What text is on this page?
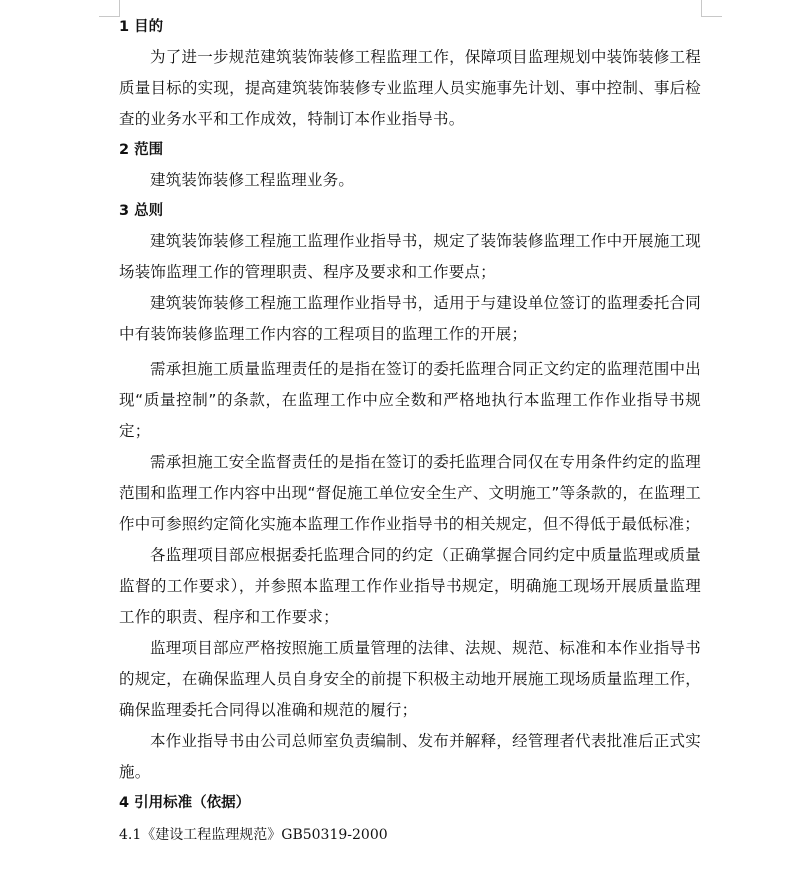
1 目的

为了进一步规范建筑装饰装修工程监理工作，保障项目监理规划中装饰装修工程质量目标的实现，提高建筑装饰装修专业监理人员实施事先计划、事中控制、事后检查的业务水平和工作成效，特制订本作业指导书。

2 范围

建筑装饰装修工程监理业务。

3 总则

建筑装饰装修工程施工监理作业指导书，规定了装饰装修监理工作中开展施工现场装饰监理工作的管理职责、程序及要求和工作要点；

建筑装饰装修工程施工监理作业指导书，适用于与建设单位签订的监理委托合同中有装饰装修监理工作内容的工程项目的监理工作的开展；

需承担施工质量监理责任的是指在签订的委托监理合同正文约定的监理范围中出现“质量控制”的条款，在监理工作中应全数和严格地执行本监理工作作业指导书规定；

需承担施工安全监督责任的是指在签订的委托监理合同仅在专用条件约定的监理范围和监理工作内容中出现“督促施工单位安全生产、文明施工”等条款的，在监理工作中可参照约定简化实施本监理工作作业指导书的相关规定，但不得低于最低标准；

各监理项目部应根据委托监理合同的约定（正确掌握合同约定中质量监理或质量监督的工作要求），并参照本监理工作作业指导书规定，明确施工现场开展质量监理工作的职责、程序和工作要求；

监理项目部应严格按照施工质量管理的法律、法规、规范、标准和本作业指导书的规定，在确保监理人员自身安全的前提下积极主动地开展施工现场质量监理工作，确保监理委托合同得以准确和规范的履行；

本作业指导书由公司总师室负责编制、发布并解释，经管理者代表批准后正式实施。

4 引用标准（依据）
4.1《建设工程监理规范》GB50319-2000
